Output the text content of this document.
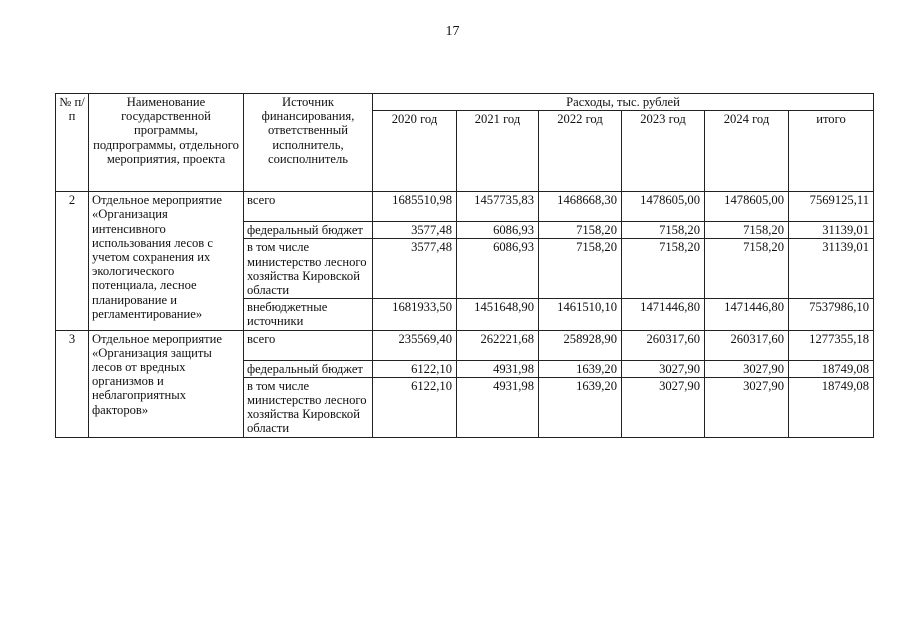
17
№ п/п	Наименование государственной программы, подпрограммы, отдельного мероприятия, проекта	Источник финансирования, ответственный исполнитель, соисполнитель	Расходы, тыс. рублей					
			2020 год	2021 год	2022 год	2023 год	2024 год	итого
2	Отдельное мероприятие «Организация интенсивного использования лесов с учетом сохранения их экологического потенциала, лесное планирование и регламентирование»	всего	1685510,98	1457735,83	1468668,30	1478605,00	1478605,00	7569125,11
		федеральный бюджет	3577,48	6086,93	7158,20	7158,20	7158,20	31139,01
		в том числе министерство лесного хозяйства Кировской области	3577,48	6086,93	7158,20	7158,20	7158,20	31139,01
		внебюджетные источники	1681933,50	1451648,90	1461510,10	1471446,80	1471446,80	7537986,10
3	Отдельное мероприятие «Организация защиты лесов от вредных организмов и неблагоприятных факторов»	всего	235569,40	262221,68	258928,90	260317,60	260317,60	1277355,18
		федеральный бюджет	6122,10	4931,98	1639,20	3027,90	3027,90	18749,08
		в том числе министерство лесного хозяйства Кировской области	6122,10	4931,98	1639,20	3027,90	3027,90	18749,08
